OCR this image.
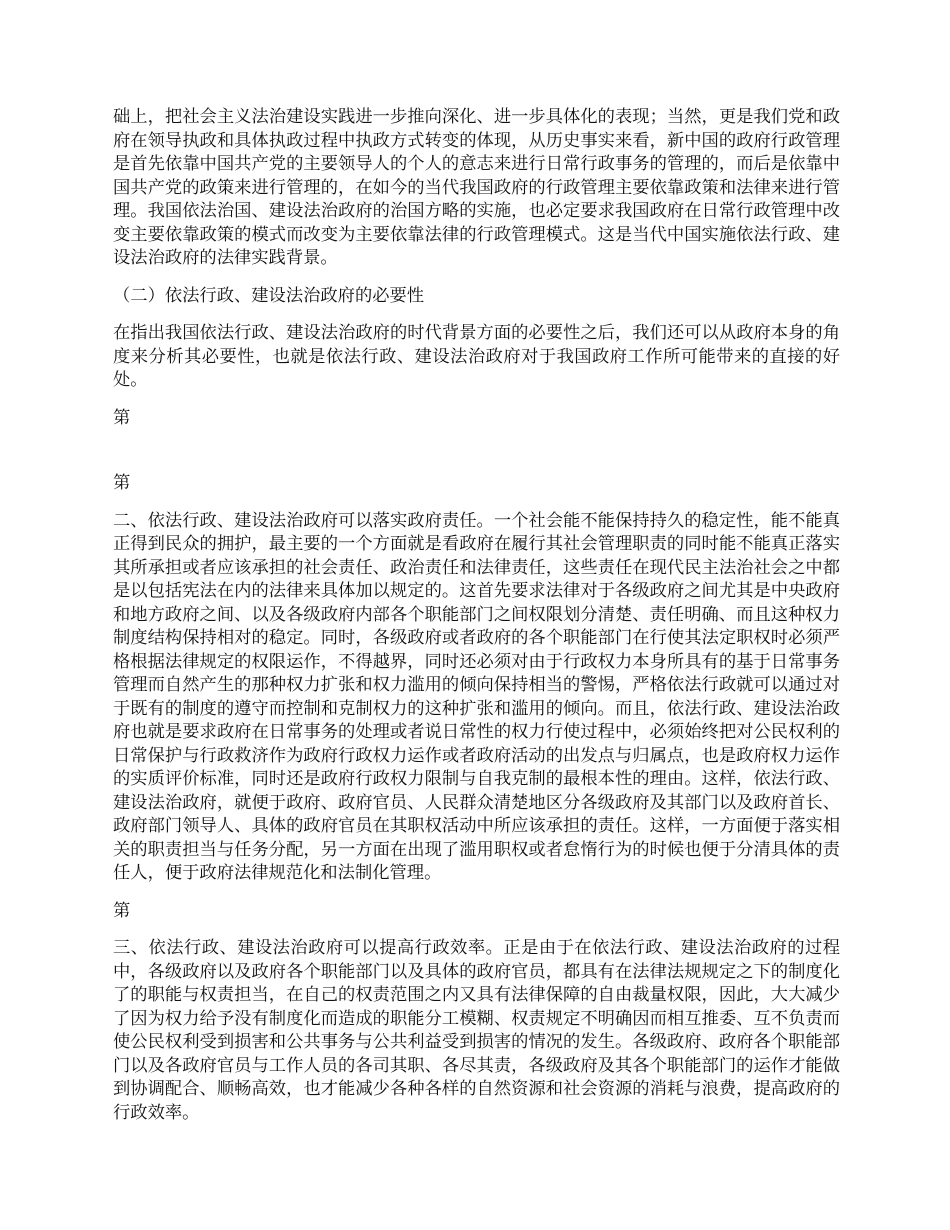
础上，把社会主义法治建设实践进一步推向深化、进一步具体化的表现；当然，更是我们党和政府在领导执政和具体执政过程中执政方式转变的体现，从历史事实来看，新中国的政府行政管理是首先依靠中国共产党的主要领导人的个人的意志来进行日常行政事务的管理的，而后是依靠中国共产党的政策来进行管理的，在如今的当代我国政府的行政管理主要依靠政策和法律来进行管理。我国依法治国、建设法治政府的治国方略的实施，也必定要求我国政府在日常行政管理中改变主要依靠政策的模式而改变为主要依靠法律的行政管理模式。这是当代中国实施依法行政、建设法治政府的法律实践背景。

（二）依法行政、建设法治政府的必要性

在指出我国依法行政、建设法治政府的时代背景方面的必要性之后，我们还可以从政府本身的角度来分析其必要性，也就是依法行政、建设法治政府对于我国政府工作所可能带来的直接的好处。

第

第

二、依法行政、建设法治政府可以落实政府责任。一个社会能不能保持持久的稳定性，能不能真正得到民众的拥护，最主要的一个方面就是看政府在履行其社会管理职责的同时能不能真正落实其所承担或者应该承担的社会责任、政治责任和法律责任，这些责任在现代民主法治社会之中都是以包括宪法在内的法律来具体加以规定的。这首先要求法律对于各级政府之间尤其是中央政府和地方政府之间、以及各级政府内部各个职能部门之间权限划分清楚、责任明确、而且这种权力制度结构保持相对的稳定。同时，各级政府或者政府的各个职能部门在行使其法定职权时必须严格根据法律规定的权限运作，不得越界，同时还必须对由于行政权力本身所具有的基于日常事务管理而自然产生的那种权力扩张和权力滥用的倾向保持相当的警惕，严格依法行政就可以通过对于既有的制度的遵守而控制和克制权力的这种扩张和滥用的倾向。而且，依法行政、建设法治政府也就是要求政府在日常事务的处理或者说日常性的权力行使过程中，必须始终把对公民权利的日常保护与行政救济作为政府行政权力运作或者政府活动的出发点与归属点，也是政府权力运作的实质评价标准，同时还是政府行政权力限制与自我克制的最根本性的理由。这样，依法行政、建设法治政府，就便于政府、政府官员、人民群众清楚地区分各级政府及其部门以及政府首长、政府部门领导人、具体的政府官员在其职权活动中所应该承担的责任。这样，一方面便于落实相关的职责担当与任务分配，另一方面在出现了滥用职权或者怠惰行为的时候也便于分清具体的责任人，便于政府法律规范化和法制化管理。

第

三、依法行政、建设法治政府可以提高行政效率。正是由于在依法行政、建设法治政府的过程中，各级政府以及政府各个职能部门以及具体的政府官员，都具有在法律法规规定之下的制度化了的职能与权责担当，在自己的权责范围之内又具有法律保障的自由裁量权限，因此，大大减少了因为权力给予没有制度化而造成的职能分工模糊、权责规定不明确因而相互推委、互不负责而使公民权利受到损害和公共事务与公共利益受到损害的情况的发生。各级政府、政府各个职能部门以及各政府官员与工作人员的各司其职、各尽其责，各级政府及其各个职能部门的运作才能做到协调配合、顺畅高效，也才能减少各种各样的自然资源和社会资源的消耗与浪费，提高政府的行政效率。
